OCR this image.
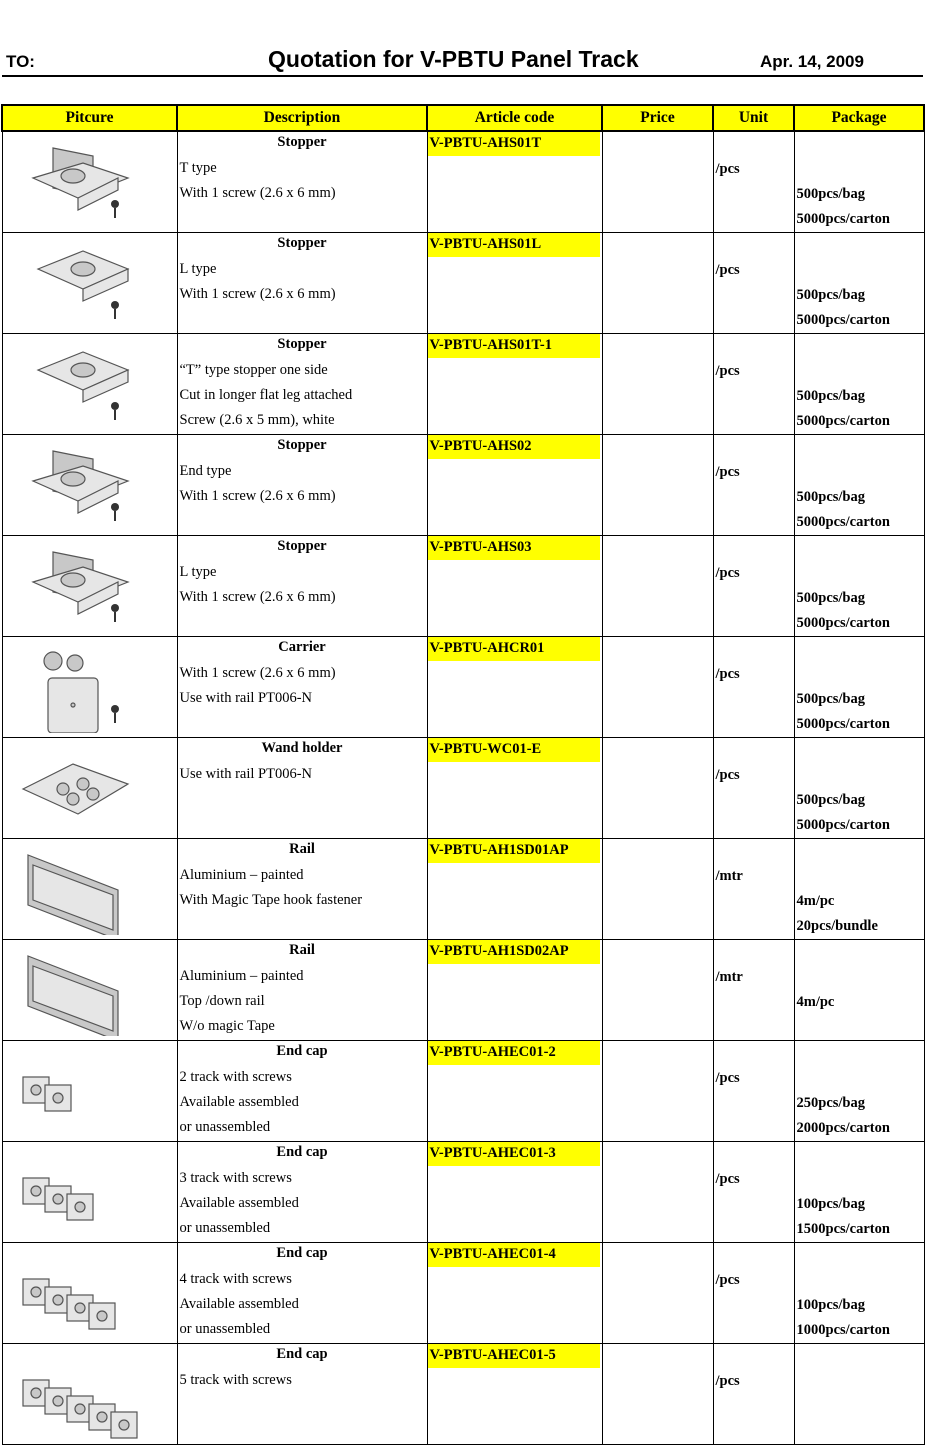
TO:	Quotation for V-PBTU Panel Track	Apr. 14, 2009
Pitcure	Description	Article code	Price	Unit	Package

Stopper
T type
With 1 screw (2.6 x 6 mm)	V-PBTU-AHS01T		/pcs	500pcs/bag
5000pcs/carton

Stopper
L type
With 1 screw (2.6 x 6 mm)	V-PBTU-AHS01L		/pcs	500pcs/bag
5000pcs/carton

Stopper
“T” type stopper one side
Cut in longer flat leg attached
Screw (2.6 x 5 mm), white	V-PBTU-AHS01T-1		/pcs	500pcs/bag
5000pcs/carton

Stopper
End type
With 1 screw (2.6 x 6 mm)	V-PBTU-AHS02		/pcs	500pcs/bag
5000pcs/carton

Stopper
L type
With 1 screw (2.6 x 6 mm)	V-PBTU-AHS03		/pcs	500pcs/bag
5000pcs/carton

Carrier
With 1 screw (2.6 x 6 mm)
Use with rail PT006-N	V-PBTU-AHCR01		/pcs	500pcs/bag
5000pcs/carton

Wand holder
Use with rail PT006-N	V-PBTU-WC01-E		/pcs	500pcs/bag
5000pcs/carton

Rail
Aluminium – painted
With Magic Tape hook fastener	V-PBTU-AH1SD01AP		/mtr	4m/pc
20pcs/bundle

Rail
Aluminium – painted
Top /down rail
W/o magic Tape	V-PBTU-AH1SD02AP		/mtr	4m/pc

End cap
2 track with screws
Available assembled
or unassembled	V-PBTU-AHEC01-2		/pcs	250pcs/bag
2000pcs/carton

End cap
3 track with screws
Available assembled
or unassembled	V-PBTU-AHEC01-3		/pcs	100pcs/bag
1500pcs/carton

End cap
4 track with screws
Available assembled
or unassembled	V-PBTU-AHEC01-4		/pcs	100pcs/bag
1000pcs/carton

End cap
5 track with screws	V-PBTU-AHEC01-5		/pcs	
